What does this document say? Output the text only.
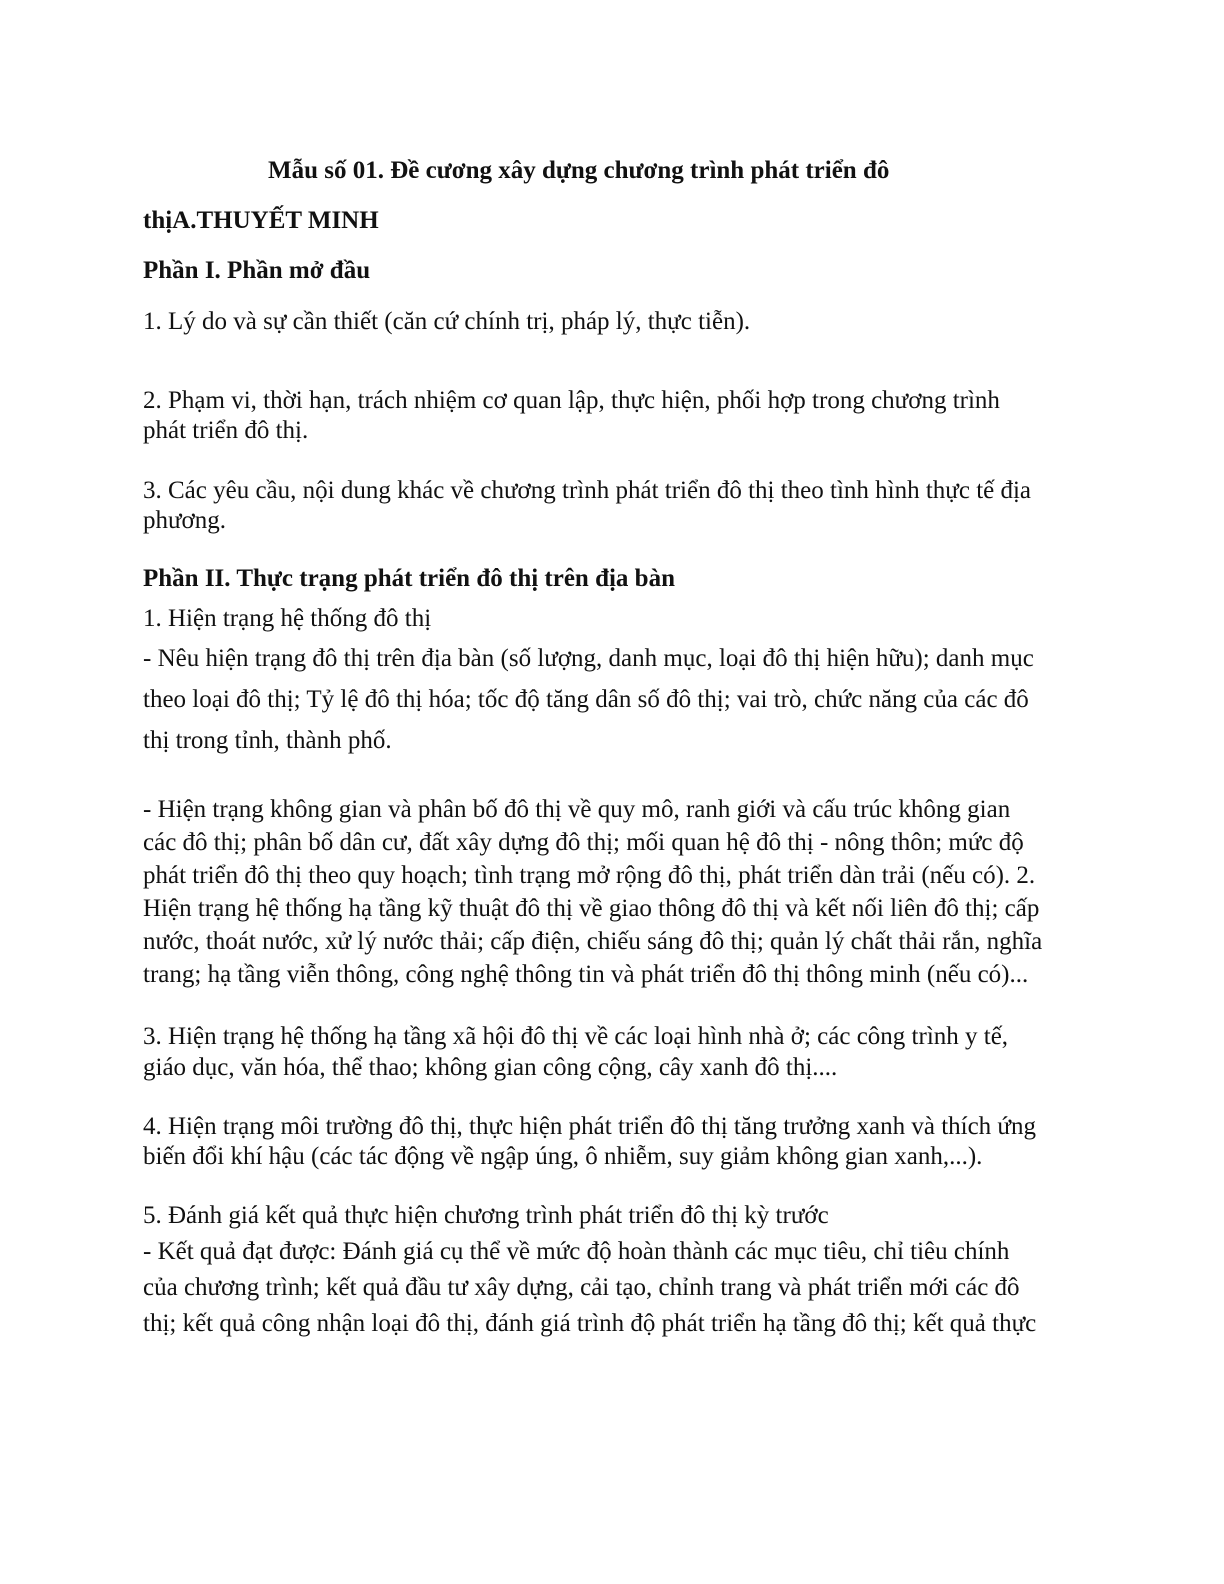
Mẫu số 01. Đề cương xây dựng chương trình phát triển đô

thịA.THUYẾT MINH

Phần I. Phần mở đầu

1. Lý do và sự cần thiết (căn cứ chính trị, pháp lý, thực tiễn).

2. Phạm vi, thời hạn, trách nhiệm cơ quan lập, thực hiện, phối hợp trong chương trình

phát triển đô thị.

3. Các yêu cầu, nội dung khác về chương trình phát triển đô thị theo tình hình thực tế địa

phương.

Phần II. Thực trạng phát triển đô thị trên địa bàn

1. Hiện trạng hệ thống đô thị

- Nêu hiện trạng đô thị trên địa bàn (số lượng, danh mục, loại đô thị hiện hữu); danh mục

theo loại đô thị; Tỷ lệ đô thị hóa; tốc độ tăng dân số đô thị; vai trò, chức năng của các đô

thị trong tỉnh, thành phố.

- Hiện trạng không gian và phân bố đô thị về quy mô, ranh giới và cấu trúc không gian

các đô thị; phân bố dân cư, đất xây dựng đô thị; mối quan hệ đô thị - nông thôn; mức độ

phát triển đô thị theo quy hoạch; tình trạng mở rộng đô thị, phát triển dàn trải (nếu có). 2.

Hiện trạng hệ thống hạ tầng kỹ thuật đô thị về giao thông đô thị và kết nối liên đô thị; cấp

nước, thoát nước, xử lý nước thải; cấp điện, chiếu sáng đô thị; quản lý chất thải rắn, nghĩa

trang; hạ tầng viễn thông, công nghệ thông tin và phát triển đô thị thông minh (nếu có)...

3. Hiện trạng hệ thống hạ tầng xã hội đô thị về các loại hình nhà ở; các công trình y tế,

giáo dục, văn hóa, thể thao; không gian công cộng, cây xanh đô thị....

4. Hiện trạng môi trường đô thị, thực hiện phát triển đô thị tăng trưởng xanh và thích ứng

biến đổi khí hậu (các tác động về ngập úng, ô nhiễm, suy giảm không gian xanh,...).

5. Đánh giá kết quả thực hiện chương trình phát triển đô thị kỳ trước

- Kết quả đạt được: Đánh giá cụ thể về mức độ hoàn thành các mục tiêu, chỉ tiêu chính

của chương trình; kết quả đầu tư xây dựng, cải tạo, chỉnh trang và phát triển mới các đô

thị; kết quả công nhận loại đô thị, đánh giá trình độ phát triển hạ tầng đô thị; kết quả thực
